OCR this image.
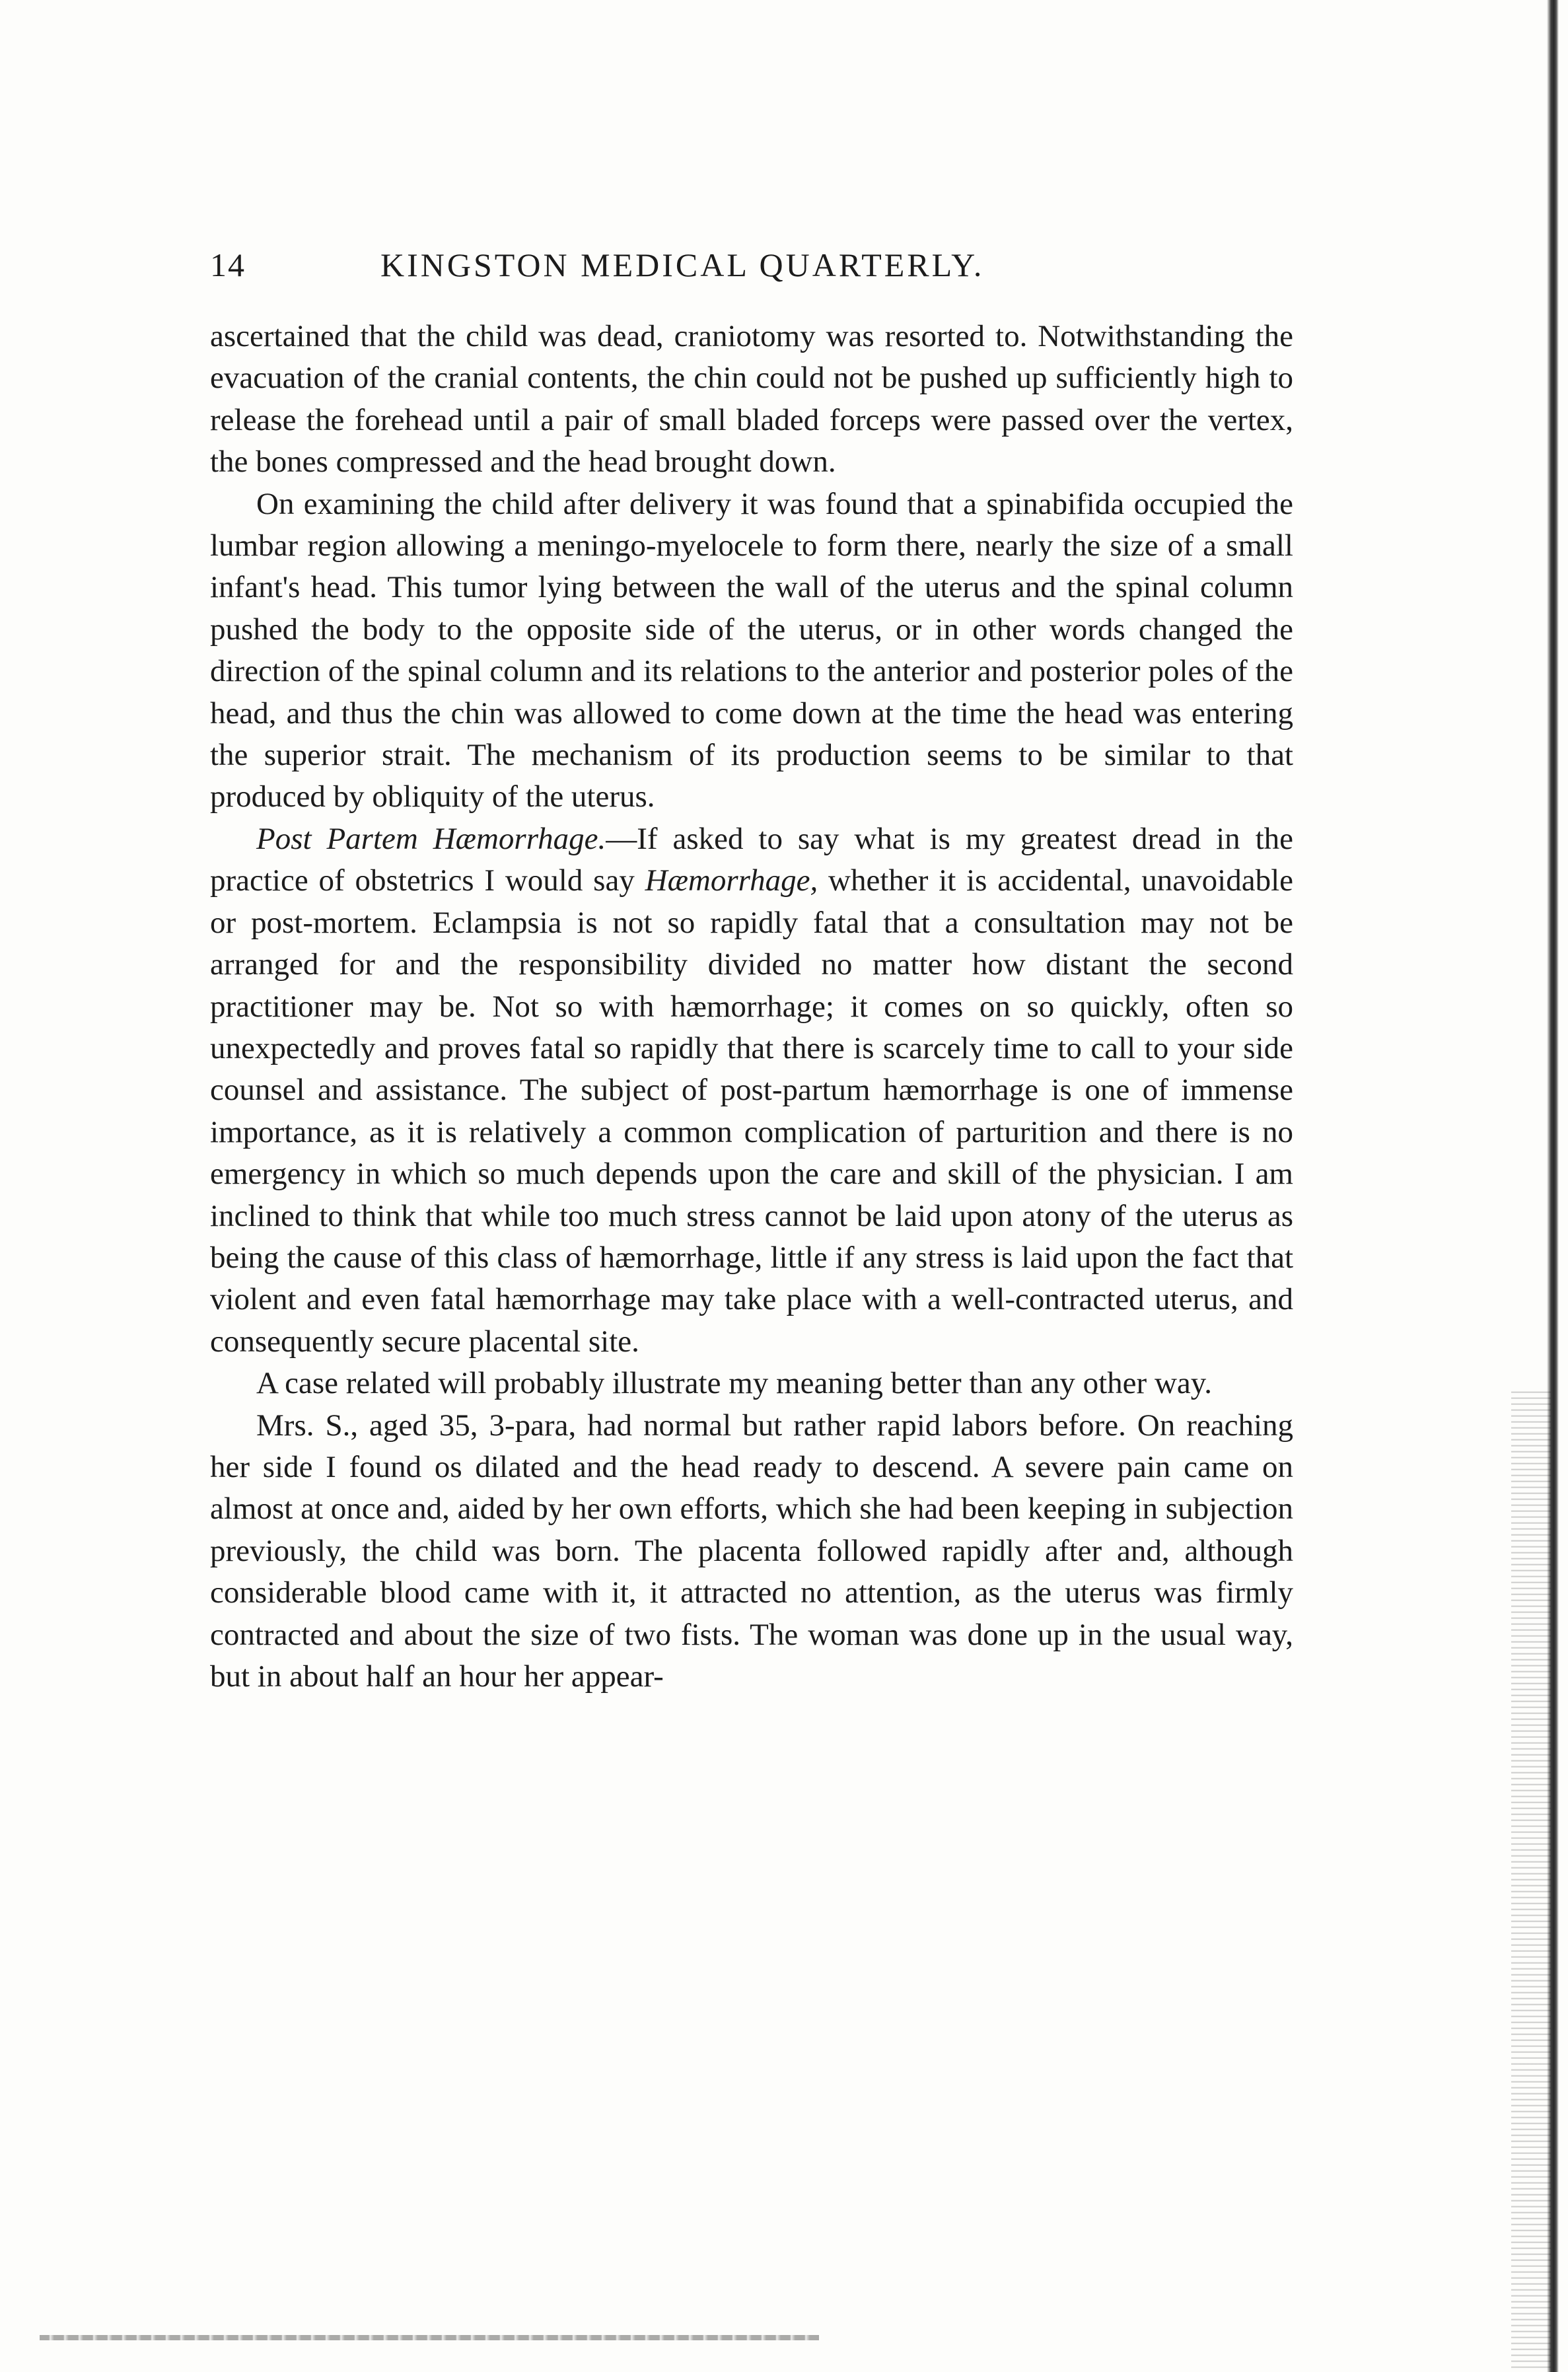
14	KINGSTON MEDICAL QUARTERLY.

ascertained that the child was dead, craniotomy was resorted to. Notwithstanding the evacuation of the cranial contents, the chin could not be pushed up sufficiently high to release the forehead until a pair of small bladed forceps were passed over the vertex, the bones compressed and the head brought down.

On examining the child after delivery it was found that a spinabifida occupied the lumbar region allowing a meningo-myelocele to form there, nearly the size of a small infant's head. This tumor lying between the wall of the uterus and the spinal column pushed the body to the opposite side of the uterus, or in other words changed the direction of the spinal column and its relations to the anterior and posterior poles of the head, and thus the chin was allowed to come down at the time the head was entering the superior strait. The mechanism of its production seems to be similar to that produced by obliquity of the uterus.

Post Partem Hæmorrhage.—If asked to say what is my greatest dread in the practice of obstetrics I would say Hæmorrhage, whether it is accidental, unavoidable or post-mortem. Eclampsia is not so rapidly fatal that a consultation may not be arranged for and the responsibility divided no matter how distant the second practitioner may be. Not so with hæmorrhage; it comes on so quickly, often so unexpectedly and proves fatal so rapidly that there is scarcely time to call to your side counsel and assistance. The subject of post-partum hæmorrhage is one of immense importance, as it is relatively a common complication of parturition and there is no emergency in which so much depends upon the care and skill of the physician. I am inclined to think that while too much stress cannot be laid upon atony of the uterus as being the cause of this class of hæmorrhage, little if any stress is laid upon the fact that violent and even fatal hæmorrhage may take place with a well-contracted uterus, and consequently secure placental site.

A case related will probably illustrate my meaning better than any other way.

Mrs. S., aged 35, 3-para, had normal but rather rapid labors before. On reaching her side I found os dilated and the head ready to descend. A severe pain came on almost at once and, aided by her own efforts, which she had been keeping in subjection previously, the child was born. The placenta followed rapidly after and, although considerable blood came with it, it attracted no attention, as the uterus was firmly contracted and about the size of two fists. The woman was done up in the usual way, but in about half an hour her appear-
